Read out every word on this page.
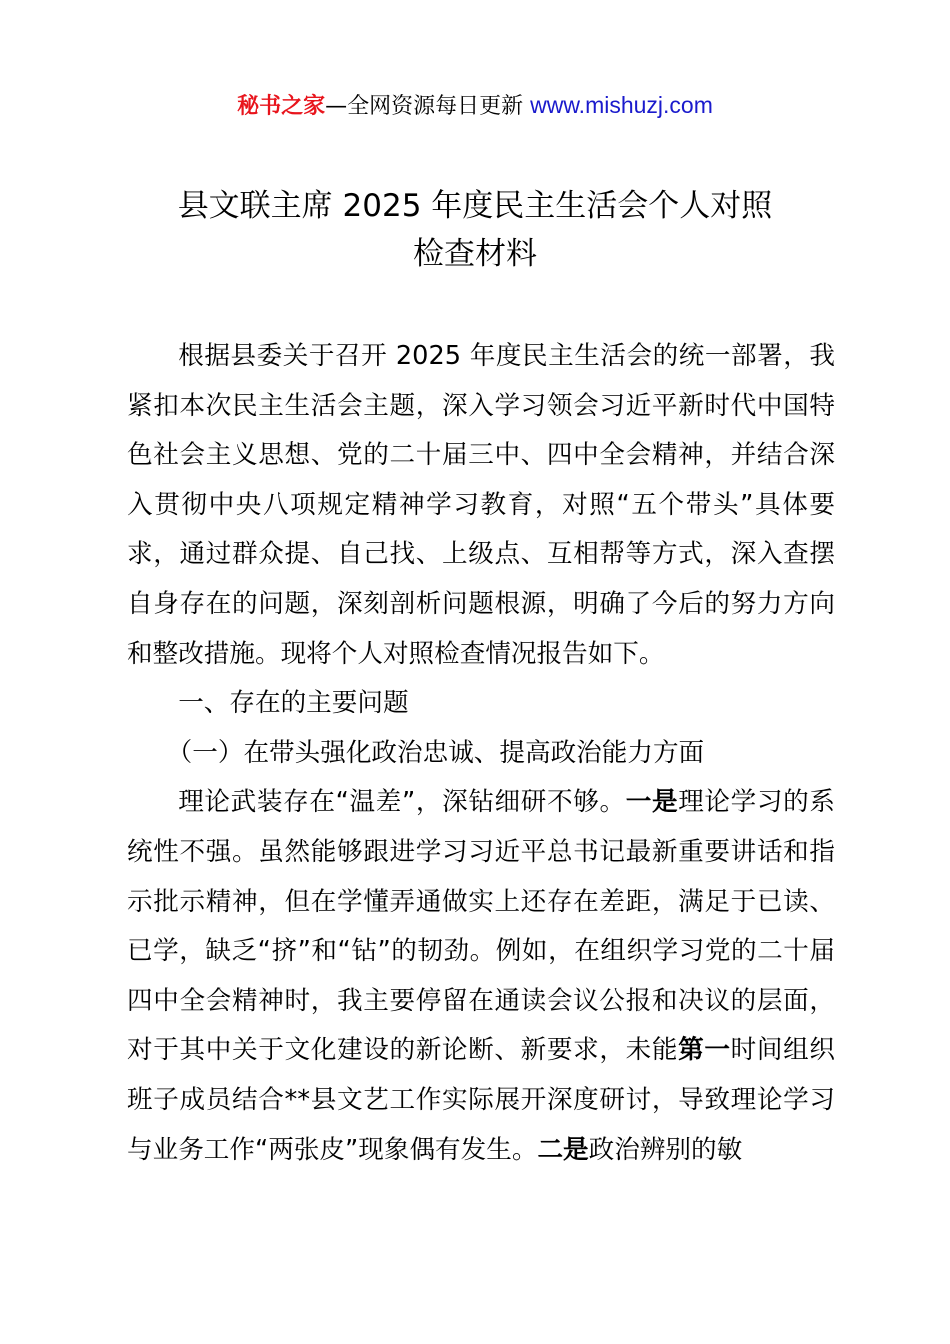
秘书之家—全网资源每日更新 www.mishuzj.com
县文联主席 2025 年度民主生活会个人对照
检查材料

根据县委关于召开 2025 年度民主生活会的统一部署，我紧扣本次民主生活会主题，深入学习领会习近平新时代中国特色社会主义思想、党的二十届三中、四中全会精神，并结合深入贯彻中央八项规定精神学习教育，对照“五个带头”具体要求，通过群众提、自己找、上级点、互相帮等方式，深入查摆自身存在的问题，深刻剖析问题根源，明确了今后的努力方向和整改措施。现将个人对照检查情况报告如下。

一、存在的主要问题

（一）在带头强化政治忠诚、提高政治能力方面

理论武装存在“温差”，深钻细研不够。一是理论学习的系统性不强。虽然能够跟进学习习近平总书记最新重要讲话和指示批示精神，但在学懂弄通做实上还存在差距，满足于已读、已学，缺乏“挤”和“钻”的韧劲。例如，在组织学习党的二十届四中全会精神时，我主要停留在通读会议公报和决议的层面，对于其中关于文化建设的新论断、新要求，未能第一时间组织班子成员结合**县文艺工作实际展开深度研讨，导致理论学习与业务工作“两张皮”现象偶有发生。二是政治辨别的敏
